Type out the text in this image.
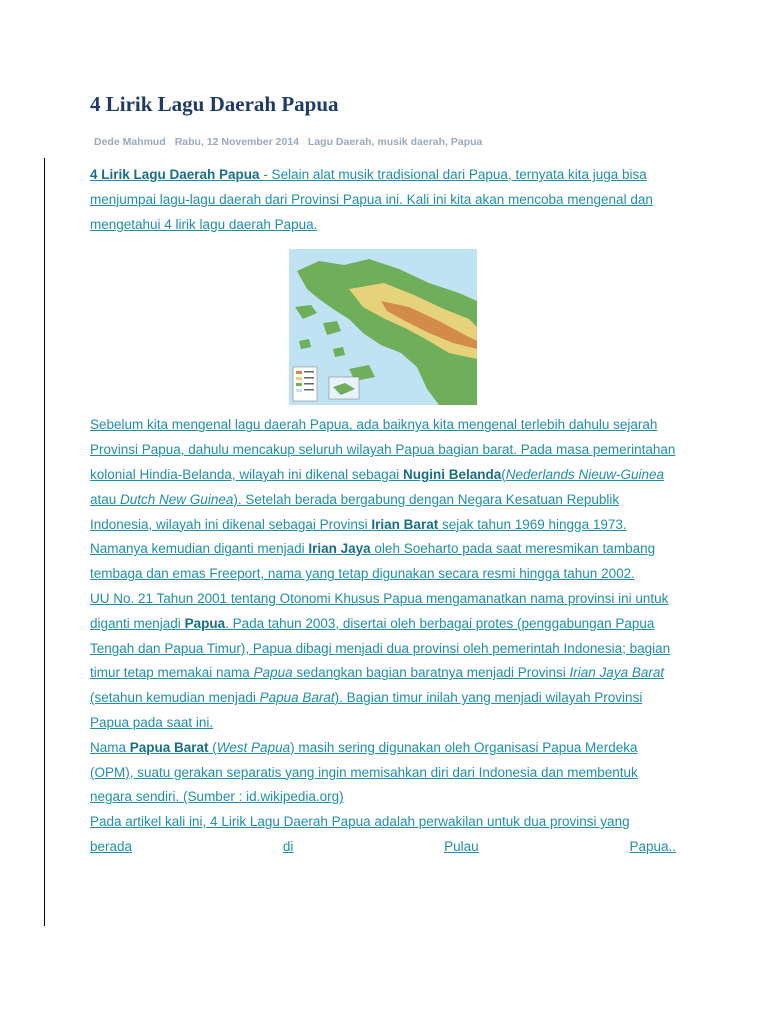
4 Lirik Lagu Daerah Papua
Dede Mahmud Rabu, 12 November 2014 Lagu Daerah, musik daerah, Papua

4 Lirik Lagu Daerah Papua - Selain alat musik tradisional dari Papua, ternyata kita juga bisa menjumpai lagu-lagu daerah dari Provinsi Papua ini. Kali ini kita akan mencoba mengenal dan mengetahui 4 lirik lagu daerah Papua.

Sebelum kita mengenal lagu daerah Papua, ada baiknya kita mengenal terlebih dahulu sejarah Provinsi Papua, dahulu mencakup seluruh wilayah Papua bagian barat. Pada masa pemerintahan kolonial Hindia-Belanda, wilayah ini dikenal sebagai Nugini Belanda(Nederlands Nieuw-Guinea atau Dutch New Guinea). Setelah berada bergabung dengan Negara Kesatuan Republik Indonesia, wilayah ini dikenal sebagai Provinsi Irian Barat sejak tahun 1969 hingga 1973. Namanya kemudian diganti menjadi Irian Jaya oleh Soeharto pada saat meresmikan tambang tembaga dan emas Freeport, nama yang tetap digunakan secara resmi hingga tahun 2002.

UU No. 21 Tahun 2001 tentang Otonomi Khusus Papua mengamanatkan nama provinsi ini untuk diganti menjadi Papua. Pada tahun 2003, disertai oleh berbagai protes (penggabungan Papua Tengah dan Papua Timur), Papua dibagi menjadi dua provinsi oleh pemerintah Indonesia; bagian timur tetap memakai nama Papua sedangkan bagian baratnya menjadi Provinsi Irian Jaya Barat (setahun kemudian menjadi Papua Barat). Bagian timur inilah yang menjadi wilayah Provinsi Papua pada saat ini.

Nama Papua Barat (West Papua) masih sering digunakan oleh Organisasi Papua Merdeka (OPM), suatu gerakan separatis yang ingin memisahkan diri dari Indonesia dan membentuk negara sendiri. (Sumber : id.wikipedia.org)

Pada artikel kali ini, 4 Lirik Lagu Daerah Papua adalah perwakilan untuk dua provinsi yang
berada	di	Pulau	Papua..
